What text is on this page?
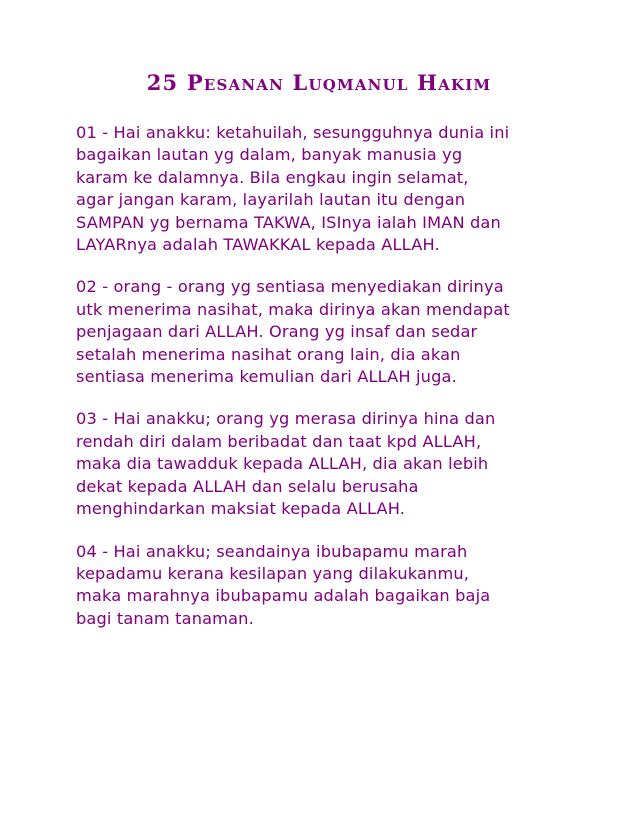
25 Pesanan Luqmanul Hakim

01 - Hai anakku: ketahuilah, sesungguhnya dunia ini
bagaikan lautan yg dalam, banyak manusia yg
karam ke dalamnya. Bila engkau ingin selamat,
agar jangan karam, layarilah lautan itu dengan
SAMPAN yg bernama TAKWA, ISInya ialah IMAN dan
LAYARnya adalah TAWAKKAL kepada ALLAH.

02 - orang - orang yg sentiasa menyediakan dirinya
utk menerima nasihat, maka dirinya akan mendapat
penjagaan dari ALLAH. Orang yg insaf dan sedar
setalah menerima nasihat orang lain, dia akan
sentiasa menerima kemulian dari ALLAH juga.

03 - Hai anakku; orang yg merasa dirinya hina dan
rendah diri dalam beribadat dan taat kpd ALLAH,
maka dia tawadduk kepada ALLAH, dia akan lebih
dekat kepada ALLAH dan selalu berusaha
menghindarkan maksiat kepada ALLAH.

04 - Hai anakku; seandainya ibubapamu marah
kepadamu kerana kesilapan yang dilakukanmu,
maka marahnya ibubapamu adalah bagaikan baja
bagi tanam tanaman.
